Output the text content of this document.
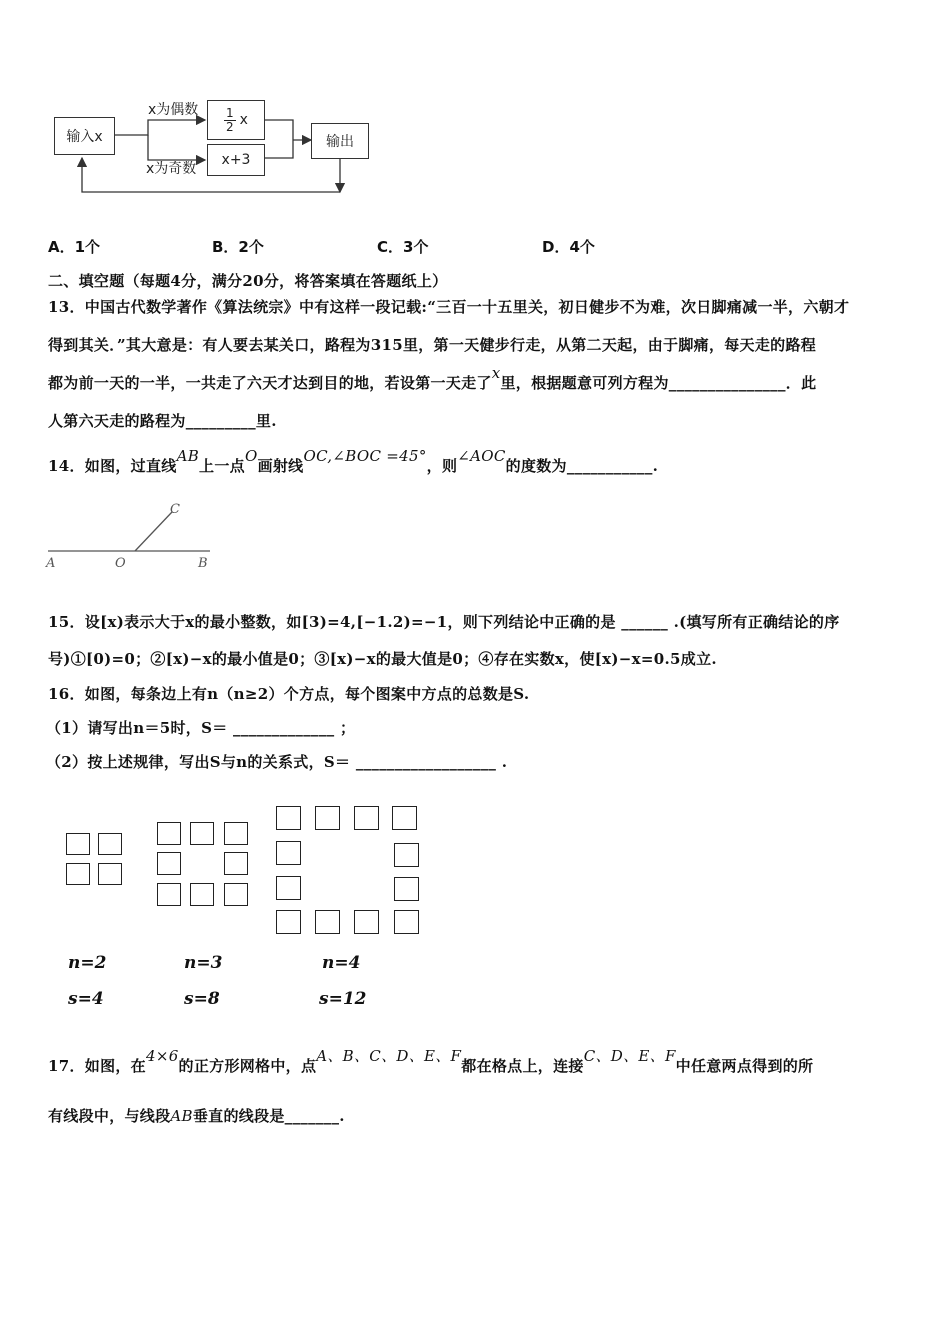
输入x
x为偶数
x为奇数
$\frac{1}{2}$ x
x+3
输出
A．1个	B．2个	C．3个	D．4个
二、填空题（每题4分，满分20分，将答案填在答题纸上）
13．中国古代数学著作《算法统宗》中有这样一段记载:“三百一十五里关，初日健步不为难，次日脚痛减一半，六朝才
得到其关．”其大意是：有人要去某关口，路程为315里，第一天健步行走，从第二天起，由于脚痛，每天走的路程
都为前一天的一半，一共走了六天才达到目的地，若设第一天走了x里，根据题意可列方程为_______________．此
人第六天走的路程为_________里.
14．如图，过直线AB上一点O画射线OC,∠BOC =45°，则∠AOC的度数为___________.
A	O	B
C
15．设[x)表示大于x的最小整数，如[3)=4,[−1.2)=−1，则下列结论中正确的是 ______ .(填写所有正确结论的序
号)①[0)=0；②[x)−x的最小值是0；③[x)−x的最大值是0；④存在实数x，使[x)−x=0.5成立.
16．如图，每条边上有n（n≥2）个方点，每个图案中方点的总数是S.
（1）请写出n＝5时，S＝ _____________ ；
（2）按上述规律，写出S与n的关系式，S＝ __________________ .
n=2	n=3	n=4
s=4	s=8	s=12
17．如图，在4×6的正方形网格中，点A、B、C、D、E、F都在格点上，连接C、D、E、F中任意两点得到的所
有线段中，与线段AB垂直的线段是_______.
